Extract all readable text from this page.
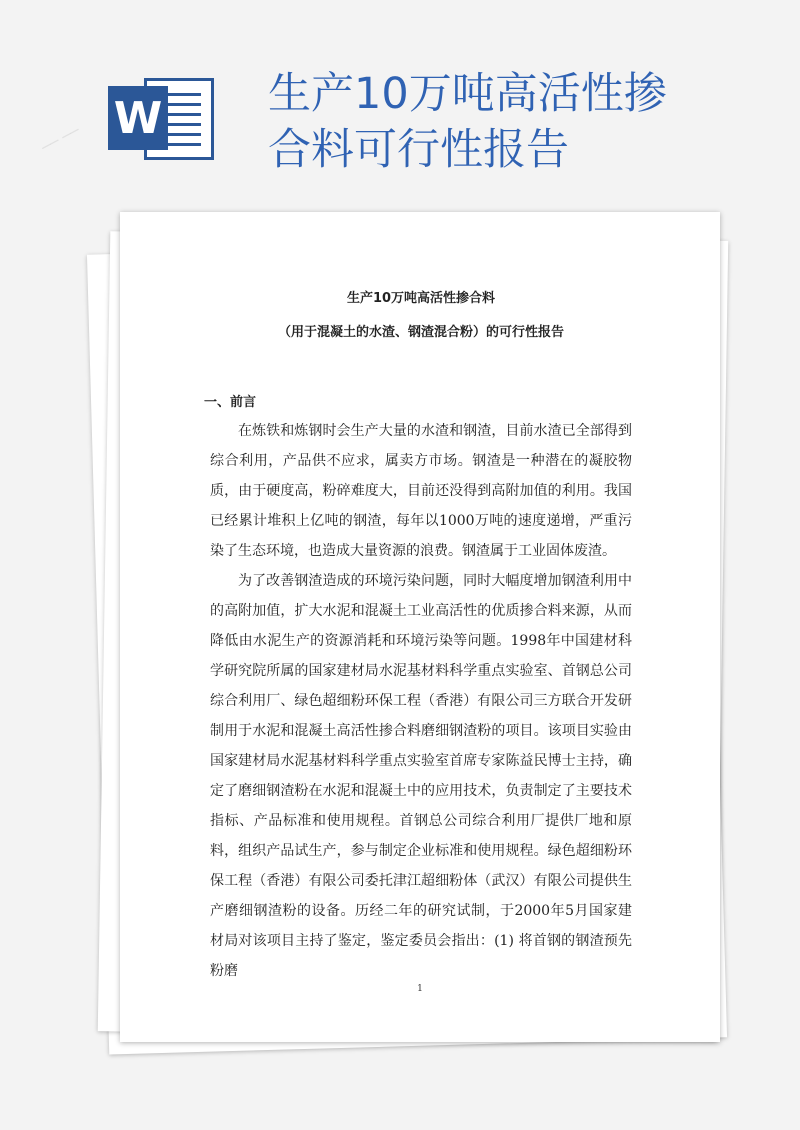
W 生产10万吨高活性掺合料可行性报告

生产10万吨高活性掺合料

（用于混凝土的水渣、钢渣混合粉）的可行性报告

一、前言

在炼铁和炼钢时会生产大量的水渣和钢渣，目前水渣已全部得到综合利用，产品供不应求，属卖方市场。钢渣是一种潜在的凝胶物质，由于硬度高，粉碎难度大，目前还没得到高附加值的利用。我国已经累计堆积上亿吨的钢渣，每年以1000万吨的速度递增，严重污染了生态环境，也造成大量资源的浪费。钢渣属于工业固体废渣。

为了改善钢渣造成的环境污染问题，同时大幅度增加钢渣利用中的高附加值，扩大水泥和混凝土工业高活性的优质掺合料来源，从而降低由水泥生产的资源消耗和环境污染等问题。1998年中国建材科学研究院所属的国家建材局水泥基材料科学重点实验室、首钢总公司综合利用厂、绿色超细粉环保工程（香港）有限公司三方联合开发研制用于水泥和混凝土高活性掺合料磨细钢渣粉的项目。该项目实验由国家建材局水泥基材料科学重点实验室首席专家陈益民博士主持，确定了磨细钢渣粉在水泥和混凝土中的应用技术，负责制定了主要技术指标、产品标准和使用规程。首钢总公司综合利用厂提供厂地和原料，组织产品试生产，参与制定企业标准和使用规程。绿色超细粉环保工程（香港）有限公司委托津江超细粉体（武汉）有限公司提供生产磨细钢渣粉的设备。历经二年的研究试制，于2000年5月国家建材局对该项目主持了鉴定，鉴定委员会指出：(1) 将首钢的钢渣预先粉磨

1
── ──
